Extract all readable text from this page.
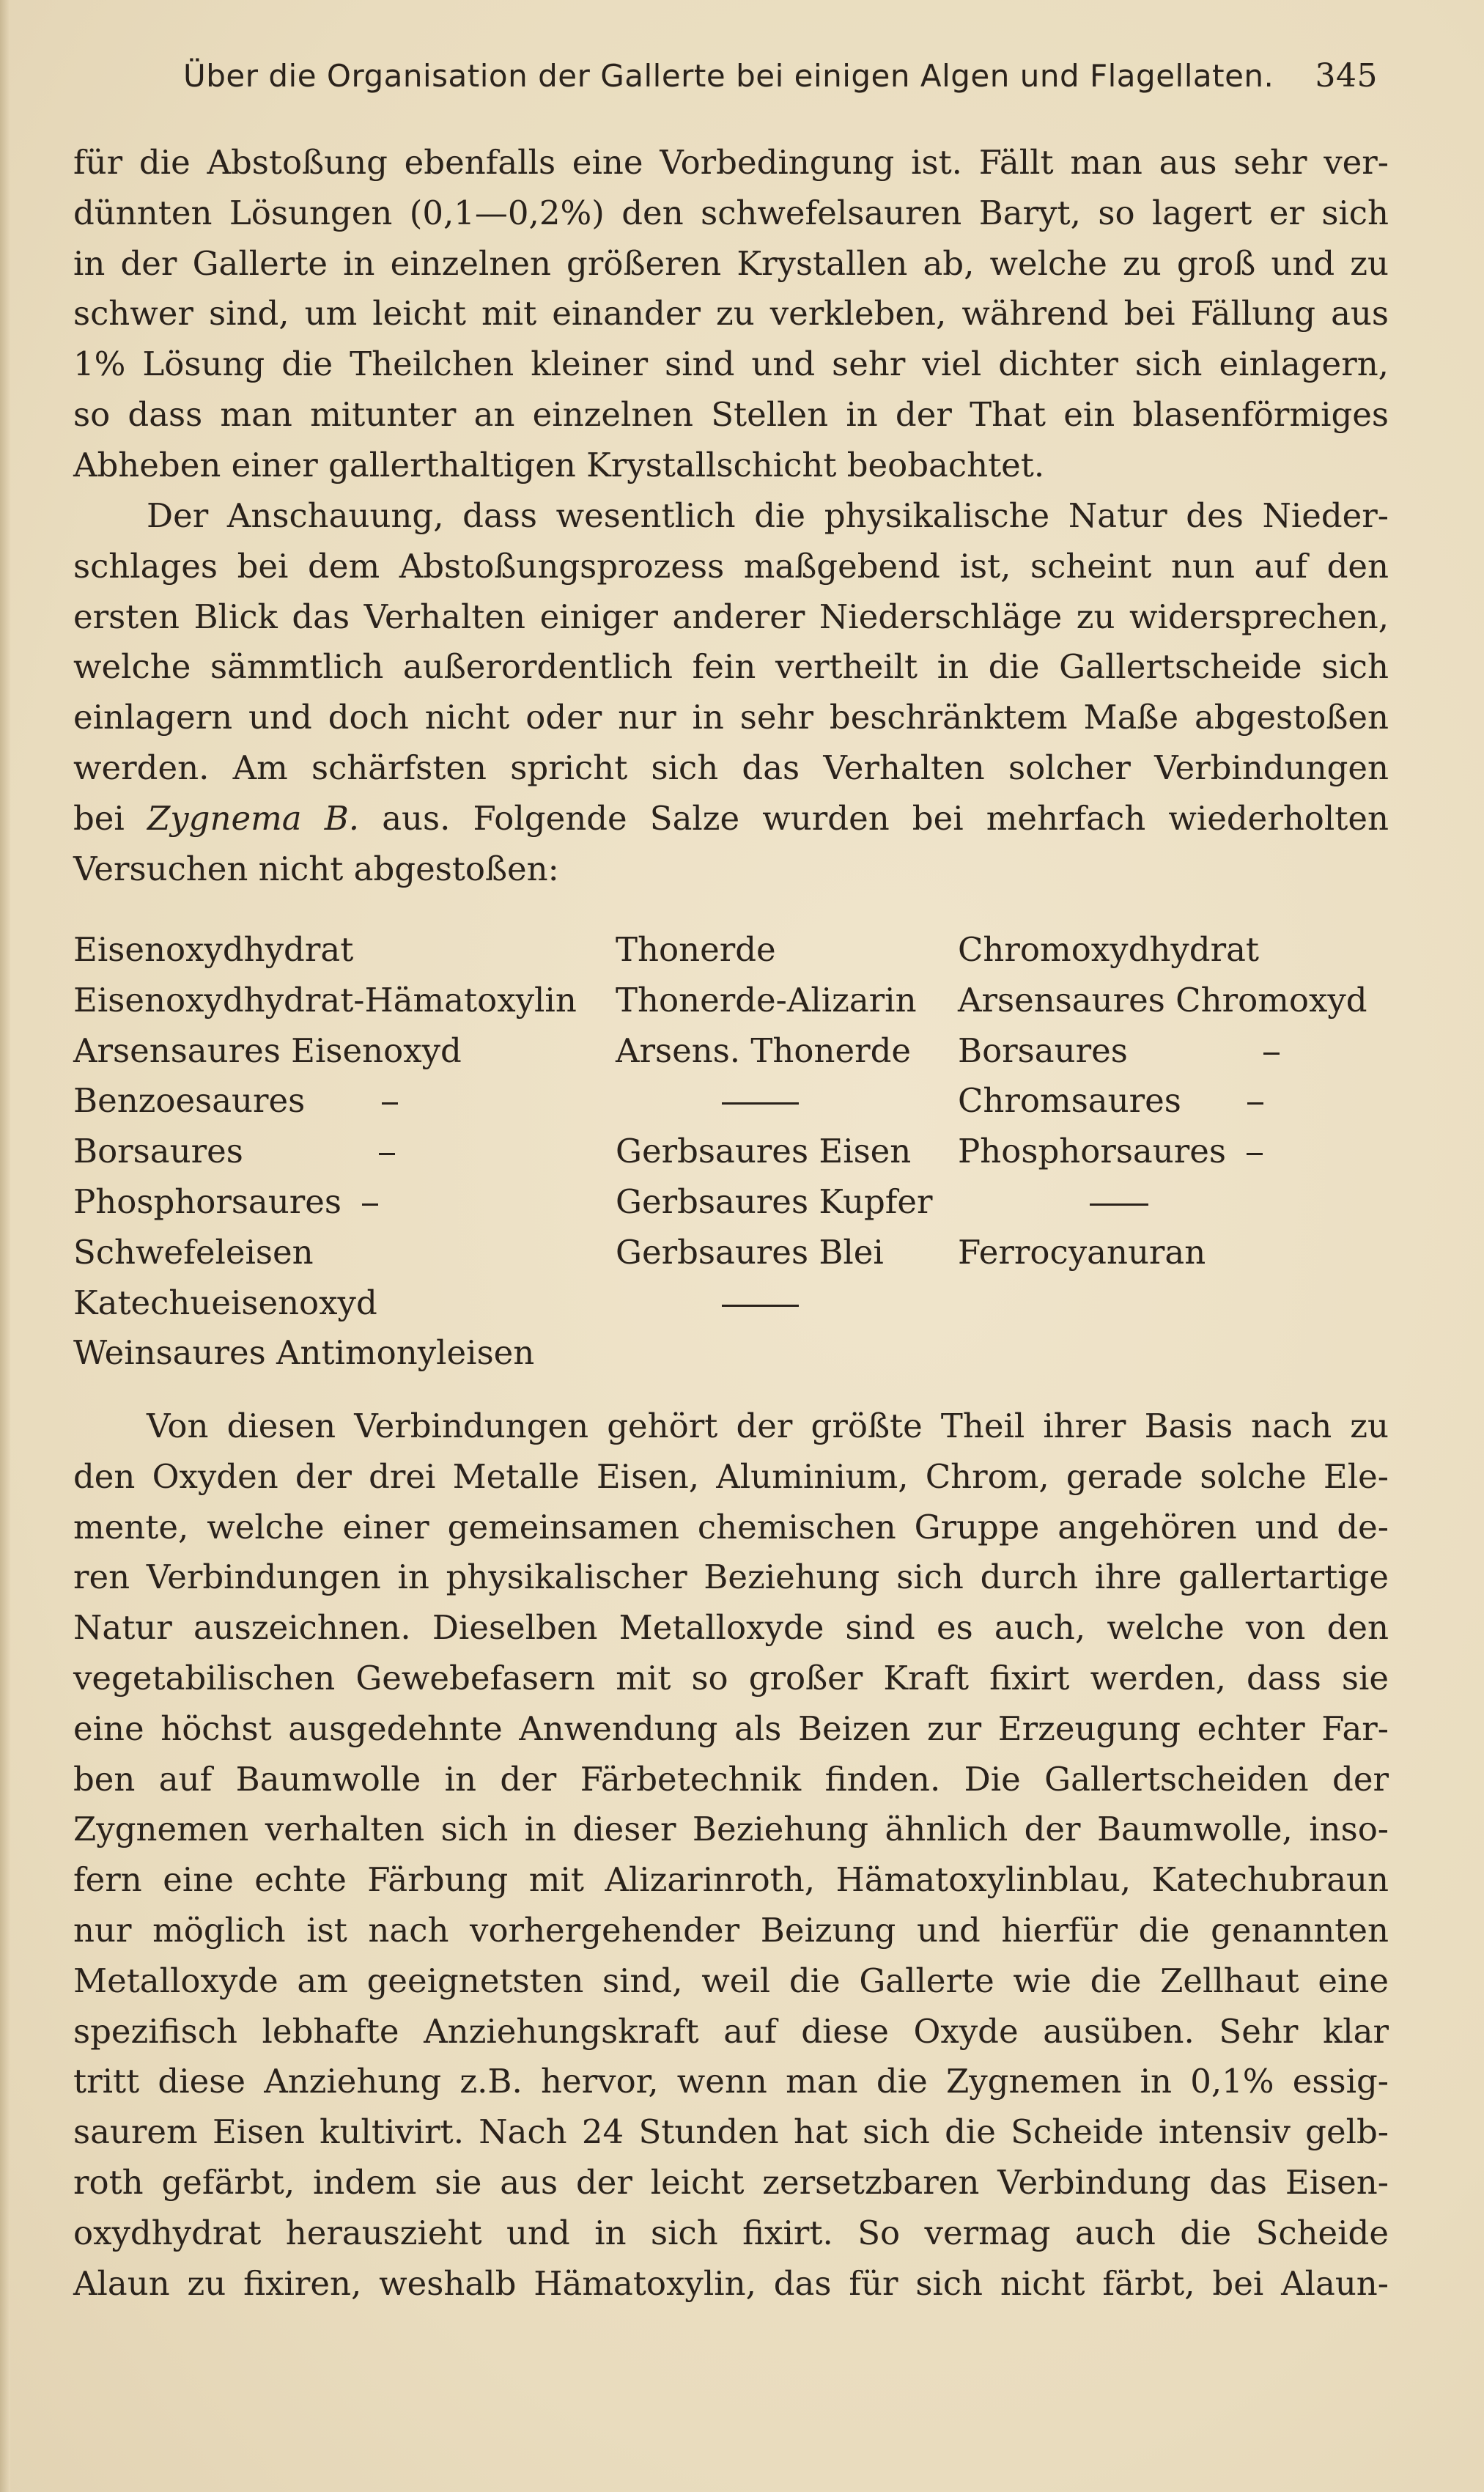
Über die Organisation der Gallerte bei einigen Algen und Flagellaten. 345
für die Abstoßung ebenfalls eine Vorbedingung ist. Fällt man aus sehr ver-
dünnten Lösungen (0,1—0,2%) den schwefelsauren Baryt, so lagert er sich
in der Gallerte in einzelnen größeren Krystallen ab, welche zu groß und zu
schwer sind, um leicht mit einander zu verkleben, während bei Fällung aus
1% Lösung die Theilchen kleiner sind und sehr viel dichter sich einlagern,
so dass man mitunter an einzelnen Stellen in der That ein blasenförmiges
Abheben einer gallerthaltigen Krystallschicht beobachtet.
Der Anschauung, dass wesentlich die physikalische Natur des Nieder-
schlages bei dem Abstoßungsprozess maßgebend ist, scheint nun auf den
ersten Blick das Verhalten einiger anderer Niederschläge zu widersprechen,
welche sämmtlich außerordentlich fein vertheilt in die Gallertscheide sich
einlagern und doch nicht oder nur in sehr beschränktem Maße abgestoßen
werden. Am schärfsten spricht sich das Verhalten solcher Verbindungen
bei Zygnema B. aus. Folgende Salze wurden bei mehrfach wiederholten
Versuchen nicht abgestoßen:
Eisenoxydhydrat
Eisenoxydhydrat-Hämatoxylin
Arsensaures Eisenoxyd
Benzoesaures
Borsaures
Phosphorsaures
Schwefeleisen
Katechueisenoxyd
Weinsaures Antimonyleisen
Thonerde
Thonerde-Alizarin
Arsens. Thonerde
Gerbsaures Eisen
Gerbsaures Kupfer
Gerbsaures Blei
Chromoxydhydrat
Arsensaures Chromoxyd
Borsaures
Chromsaures
Phosphorsaures
Ferrocyanuran
Von diesen Verbindungen gehört der größte Theil ihrer Basis nach zu
den Oxyden der drei Metalle Eisen, Aluminium, Chrom, gerade solche Ele-
mente, welche einer gemeinsamen chemischen Gruppe angehören und de-
ren Verbindungen in physikalischer Beziehung sich durch ihre gallertartige
Natur auszeichnen. Dieselben Metalloxyde sind es auch, welche von den
vegetabilischen Gewebefasern mit so großer Kraft fixirt werden, dass sie
eine höchst ausgedehnte Anwendung als Beizen zur Erzeugung echter Far-
ben auf Baumwolle in der Färbetechnik finden. Die Gallertscheiden der
Zygnemen verhalten sich in dieser Beziehung ähnlich der Baumwolle, inso-
fern eine echte Färbung mit Alizarinroth, Hämatoxylinblau, Katechubraun
nur möglich ist nach vorhergehender Beizung und hierfür die genannten
Metalloxyde am geeignetsten sind, weil die Gallerte wie die Zellhaut eine
spezifisch lebhafte Anziehungskraft auf diese Oxyde ausüben. Sehr klar
tritt diese Anziehung z.B. hervor, wenn man die Zygnemen in 0,1% essig-
saurem Eisen kultivirt. Nach 24 Stunden hat sich die Scheide intensiv gelb-
roth gefärbt, indem sie aus der leicht zersetzbaren Verbindung das Eisen-
oxydhydrat herauszieht und in sich fixirt. So vermag auch die Scheide
Alaun zu fixiren, weshalb Hämatoxylin, das für sich nicht färbt, bei Alaun-
